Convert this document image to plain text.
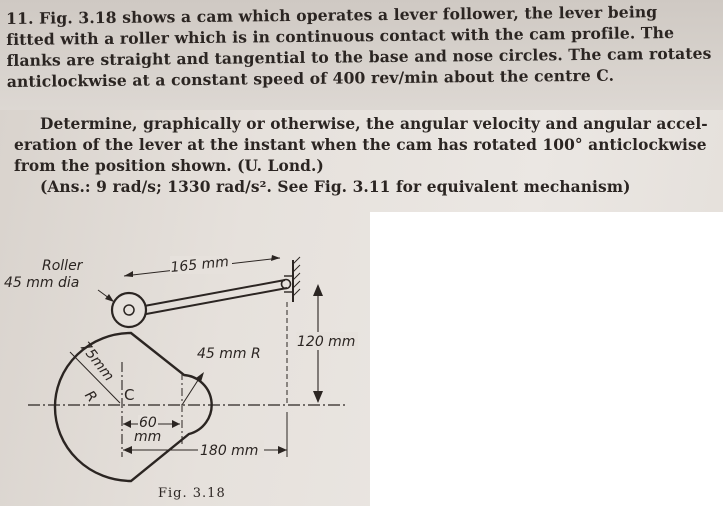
11. Fig. 3.18 shows a cam which operates a lever follower, the lever being
fitted with a roller which is in continuous contact with the cam profile. The
flanks are straight and tangential to the base and nose circles. The cam rotates
anticlockwise at a constant speed of 400 rev/min about the centre C.
Determine, graphically or otherwise, the angular velocity and angular accel-
eration of the lever at the instant when the cam has rotated 100° anticlockwise
from the position shown. (U. Lond.)
(Ans.: 9 rad/s; 1330 rad/s². See Fig. 3.11 for equivalent mechanism)
165 mm
120 mm
Roller
45 mm dia
45 mm R
75mm
R C
60
mm
180 mm
Fig. 3.18
